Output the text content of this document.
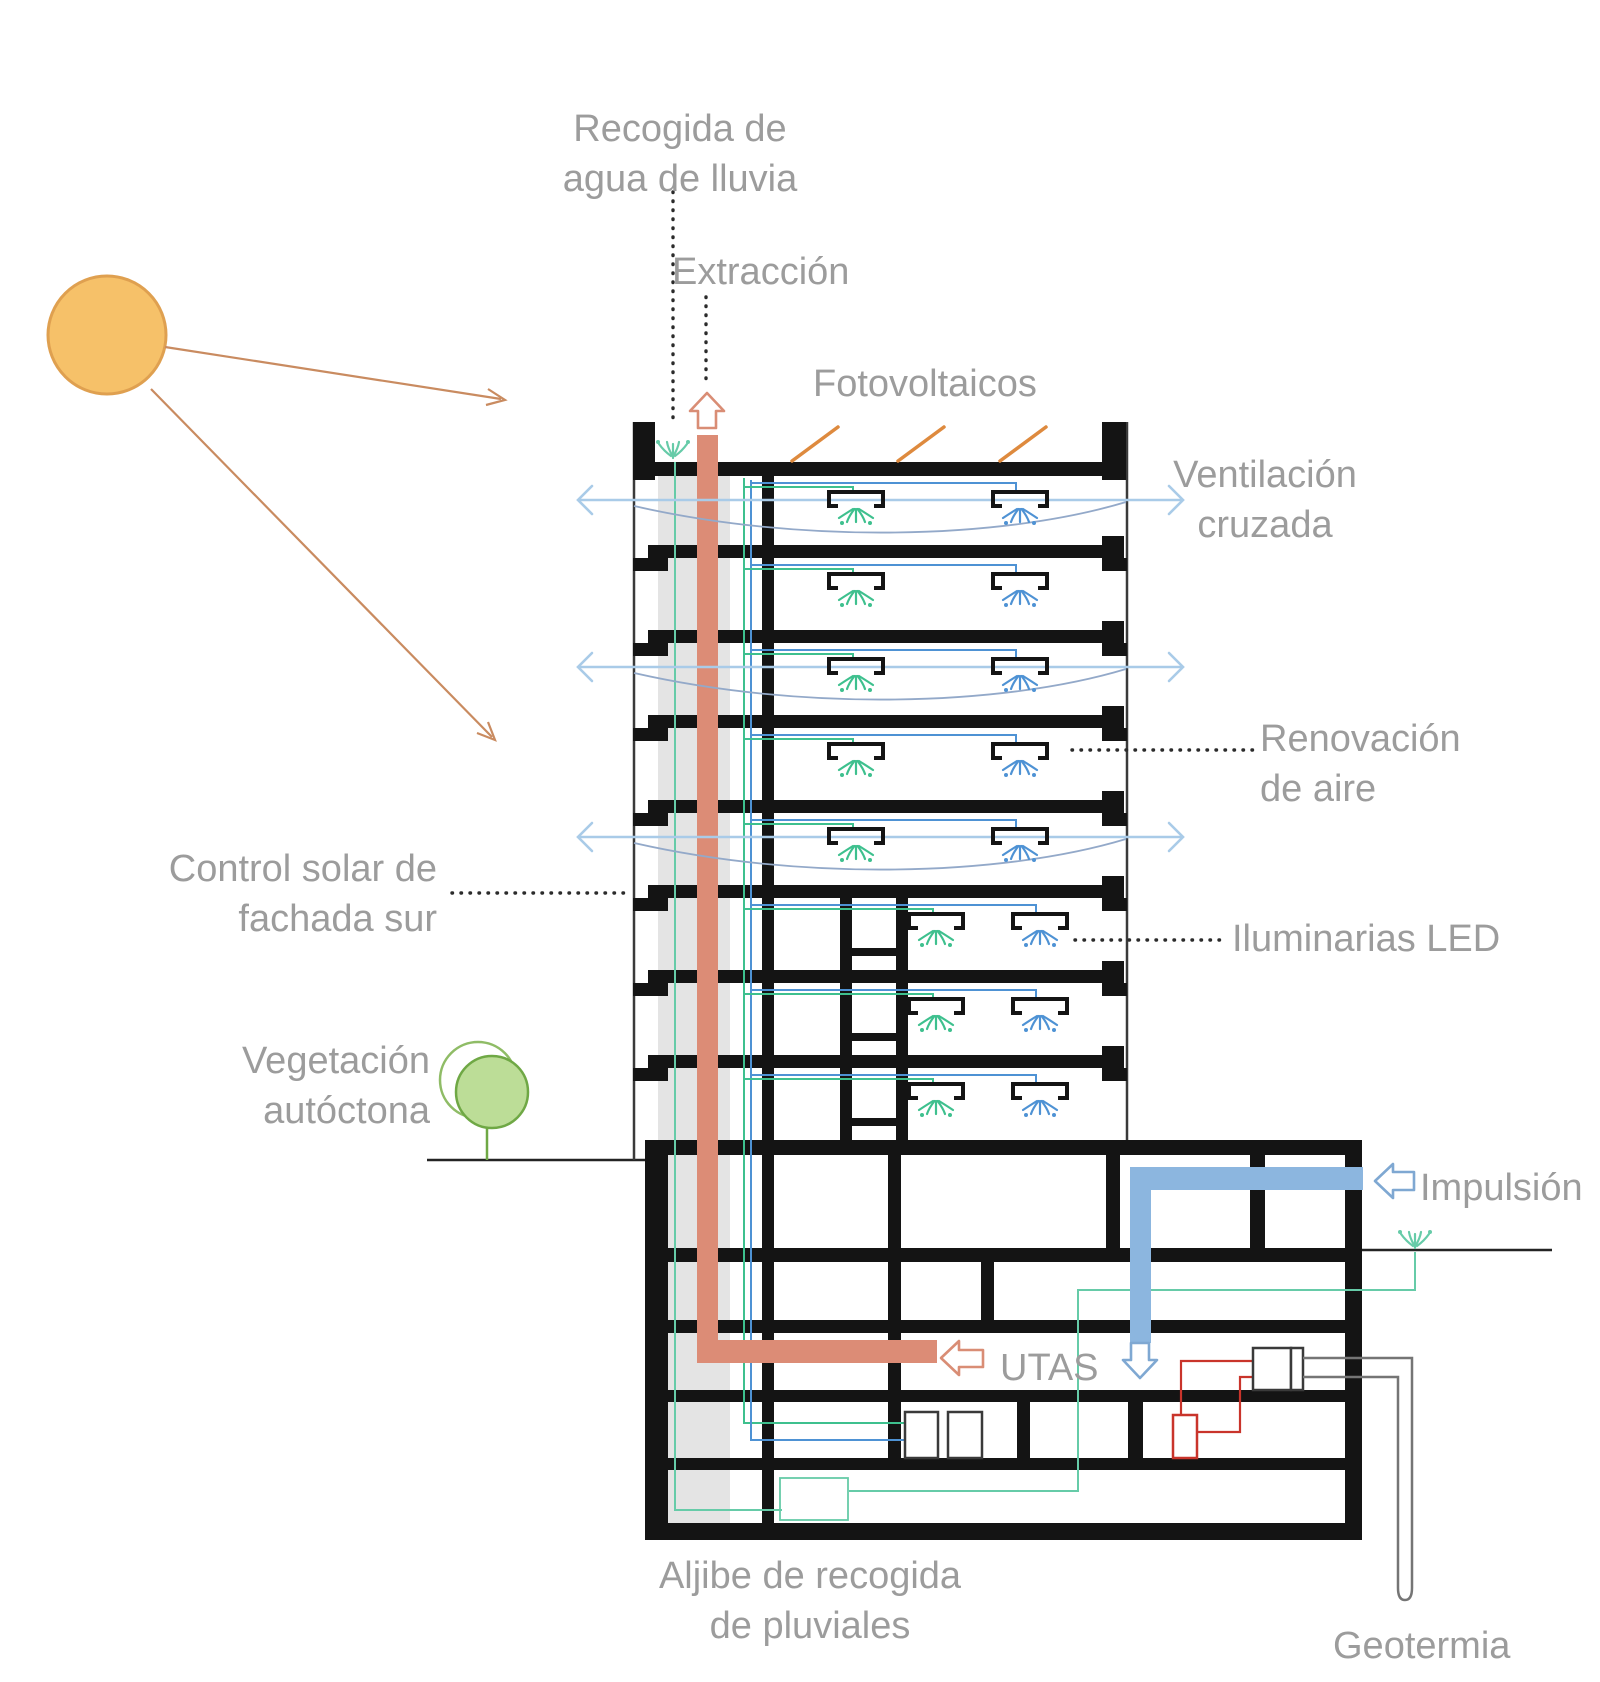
Recogida de
agua de lluvia
Extracción
Fotovoltaicos
Ventilación
cruzada
Renovación
de aire
Iluminarias LED
Control solar de
fachada sur
Vegetación
autóctona
Impulsión
UTAS
Aljibe de recogida
de pluviales	Geotermia
